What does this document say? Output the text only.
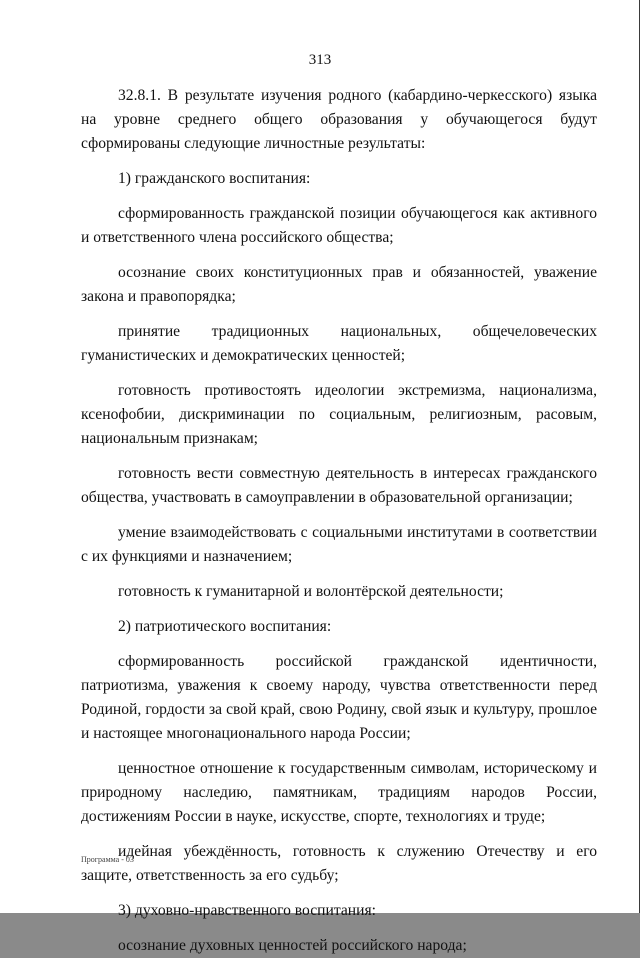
313

32.8.1. В результате изучения родного (кабардино-черкесского) языка на уровне среднего общего образования у обучающегося будут сформированы следующие личностные результаты:

1) гражданского воспитания:

сформированность гражданской позиции обучающегося как активного и ответственного члена российского общества;

осознание своих конституционных прав и обязанностей, уважение закона и правопорядка;

принятие традиционных национальных, общечеловеческих гуманистических и демократических ценностей;

готовность противостоять идеологии экстремизма, национализма, ксенофобии, дискриминации по социальным, религиозным, расовым, национальным признакам;

готовность вести совместную деятельность в интересах гражданского общества, участвовать в самоуправлении в образовательной организации;

умение взаимодействовать с социальными институтами в соответствии с их функциями и назначением;

готовность к гуманитарной и волонтёрской деятельности;

2) патриотического воспитания:

сформированность российской гражданской идентичности, патриотизма, уважения к своему народу, чувства ответственности перед Родиной, гордости за свой край, свою Родину, свой язык и культуру, прошлое и настоящее многонационального народа России;

ценностное отношение к государственным символам, историческому и природному наследию, памятникам, традициям народов России, достижениям России в науке, искусстве, спорте, технологиях и труде;

идейная убеждённость, готовность к служению Отечеству и его защите, ответственность за его судьбу;

3) духовно-нравственного воспитания:

осознание духовных ценностей российского народа;

Программа - 03
